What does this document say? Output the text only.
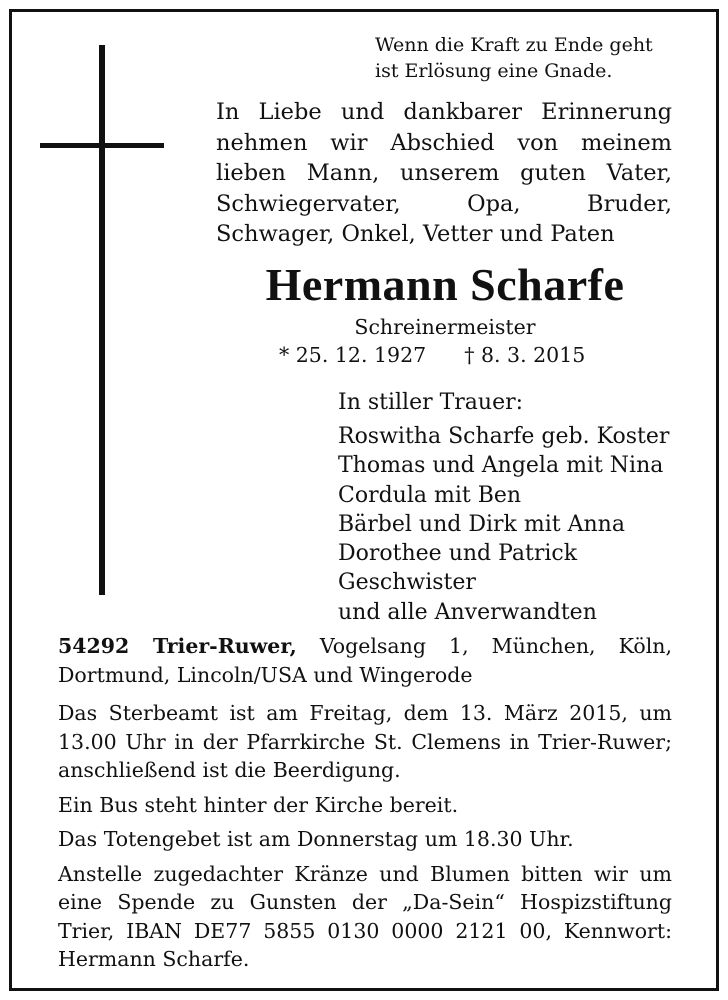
Wenn die Kraft zu Ende geht
ist Erlösung eine Gnade.

In Liebe und dankbarer Erinnerung nehmen wir Abschied von meinem lieben Mann, unserem guten Vater, Schwiegervater, Opa, Bruder, Schwager, Onkel, Vetter und Paten

Hermann Scharfe
Schreinermeister
* 25. 12. 1927 † 8. 3. 2015
In stiller Trauer:
Roswitha Scharfe geb. Koster
Thomas und Angela mit Nina
Cordula mit Ben
Bärbel und Dirk mit Anna
Dorothee und Patrick
Geschwister
und alle Anverwandten

54292 Trier-Ruwer, Vogelsang 1, München, Köln, Dortmund, Lincoln/USA und Wingerode

Das Sterbeamt ist am Freitag, dem 13. März 2015, um 13.00 Uhr in der Pfarrkirche St. Clemens in Trier-Ruwer; anschließend ist die Beerdigung.

Ein Bus steht hinter der Kirche bereit.

Das Totengebet ist am Donnerstag um 18.30 Uhr.

Anstelle zugedachter Kränze und Blumen bitten wir um eine Spende zu Gunsten der „Da-Sein“ Hospizstiftung Trier, IBAN DE77 5855 0130 0000 2121 00, Kennwort: Hermann Scharfe.
